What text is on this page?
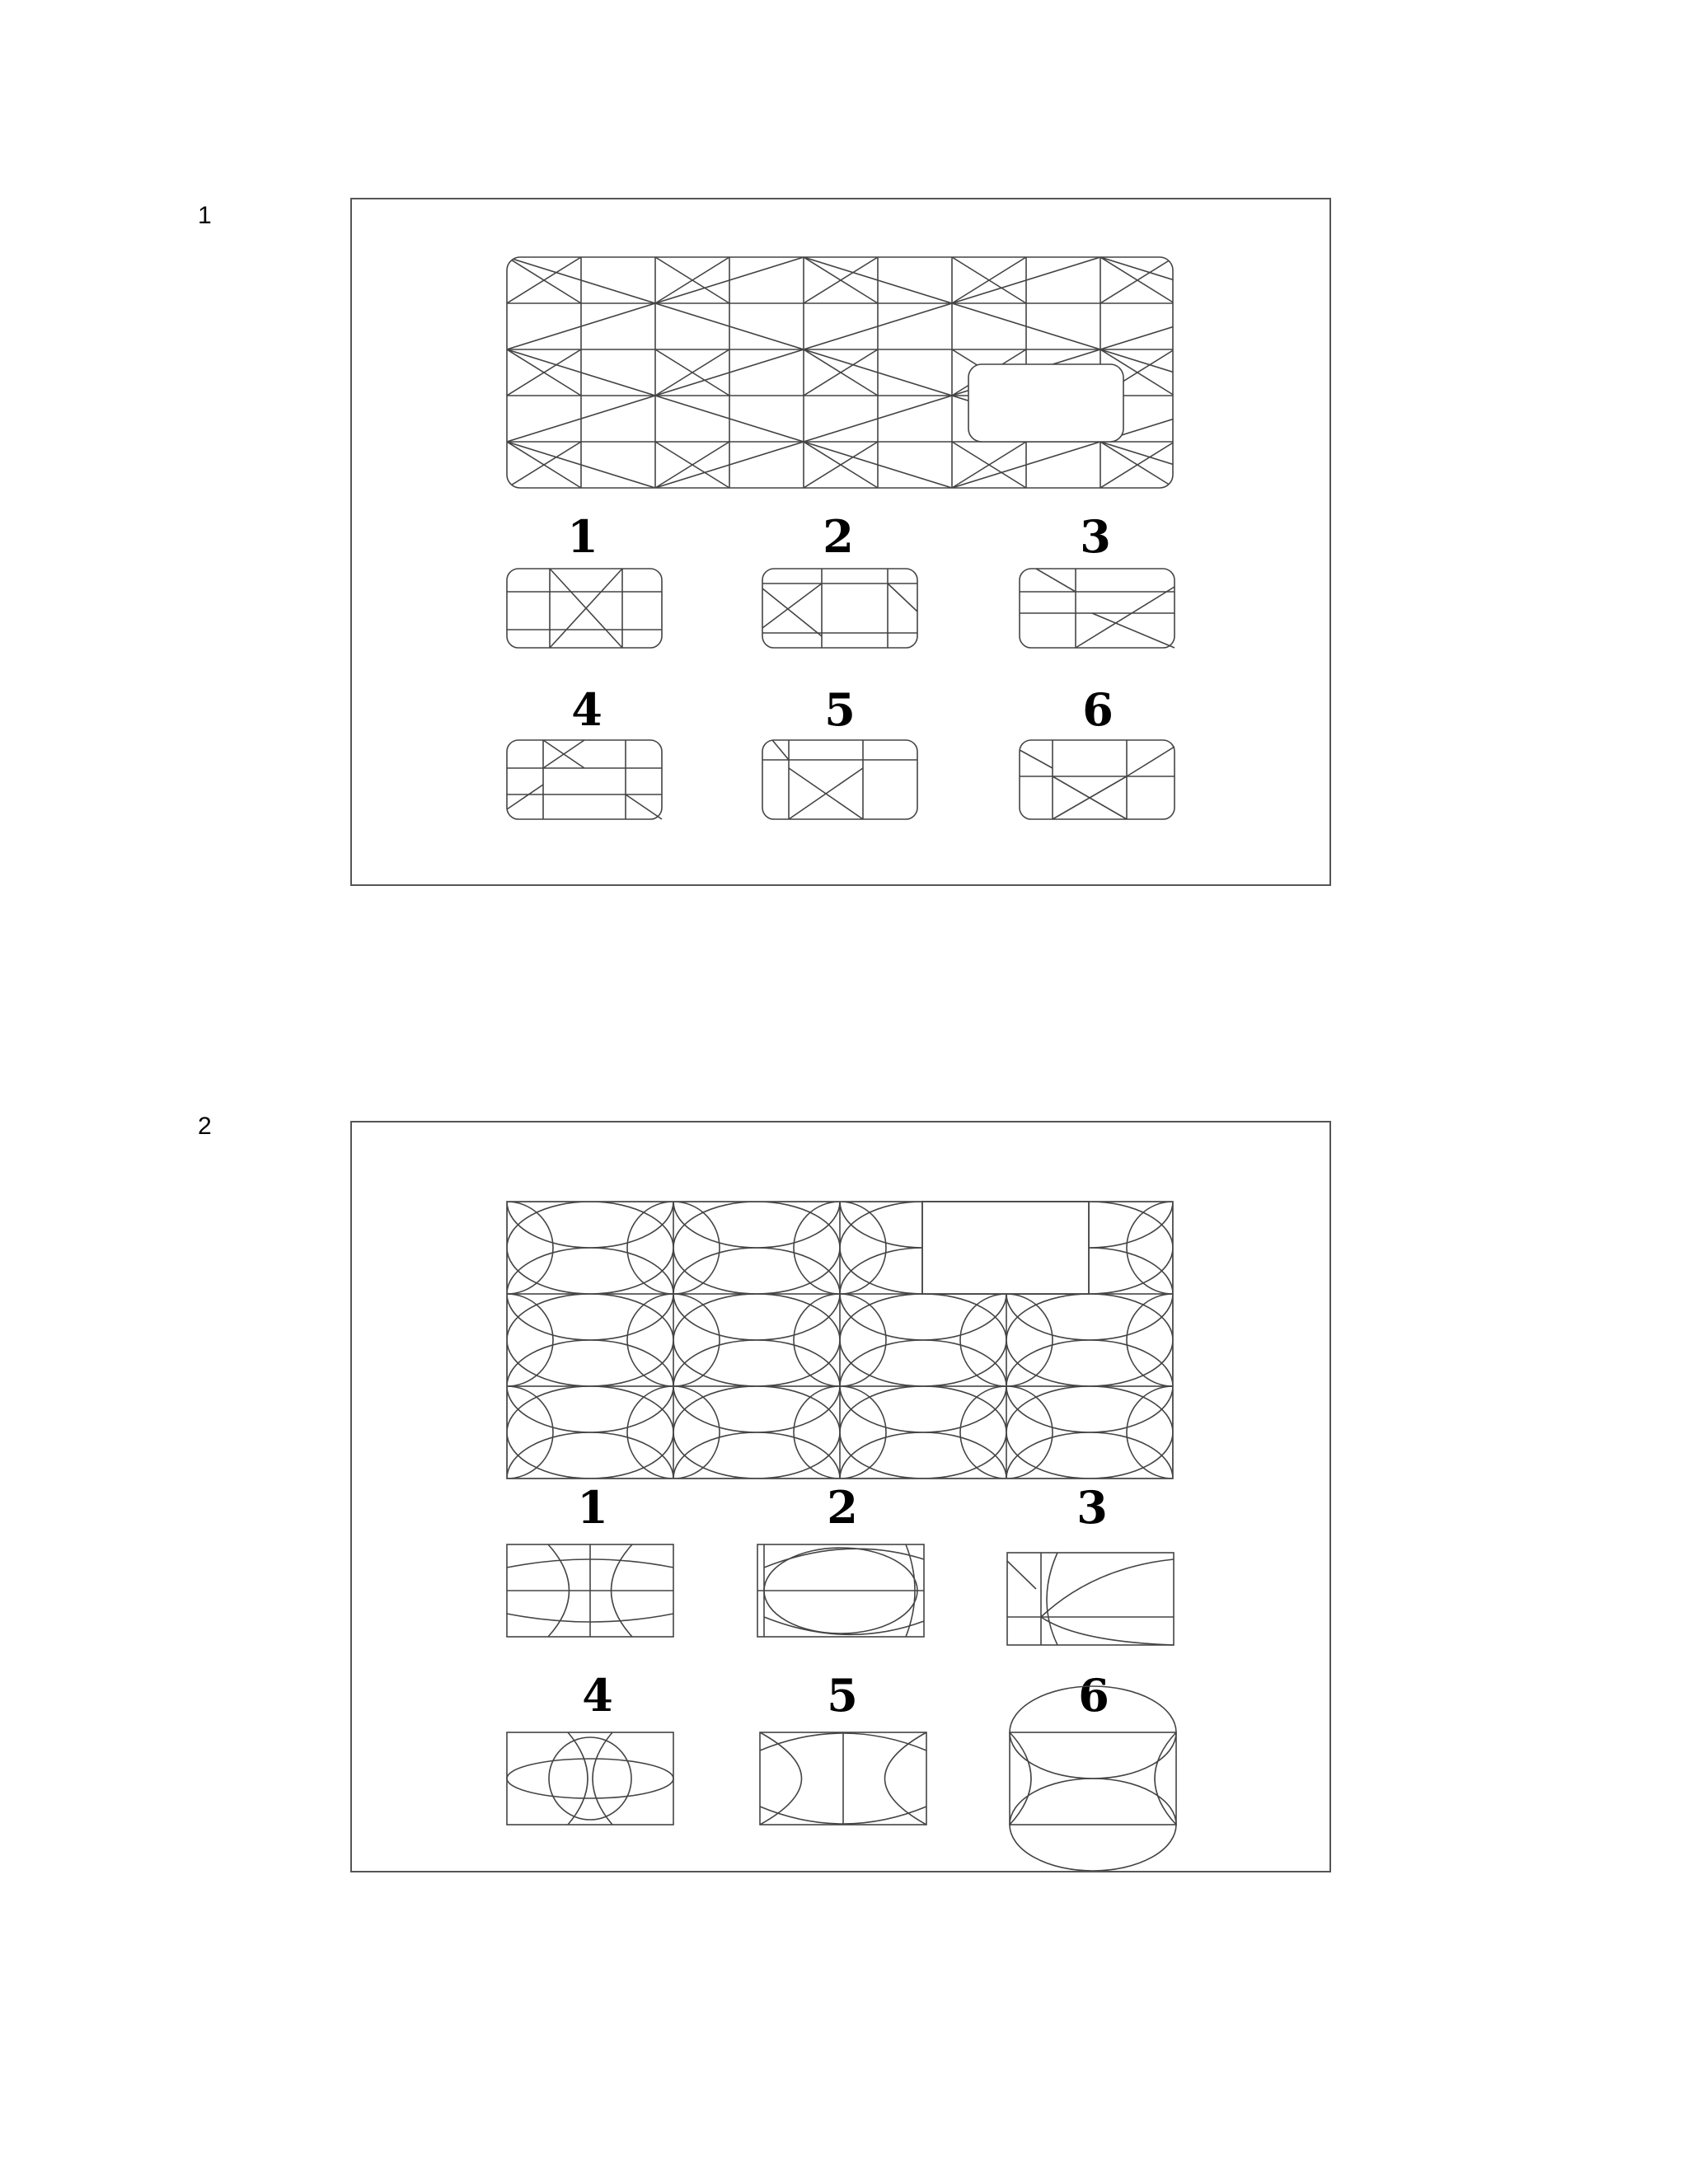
1
1	2	3
4	5	6
2
1	2	3
4	5	6
